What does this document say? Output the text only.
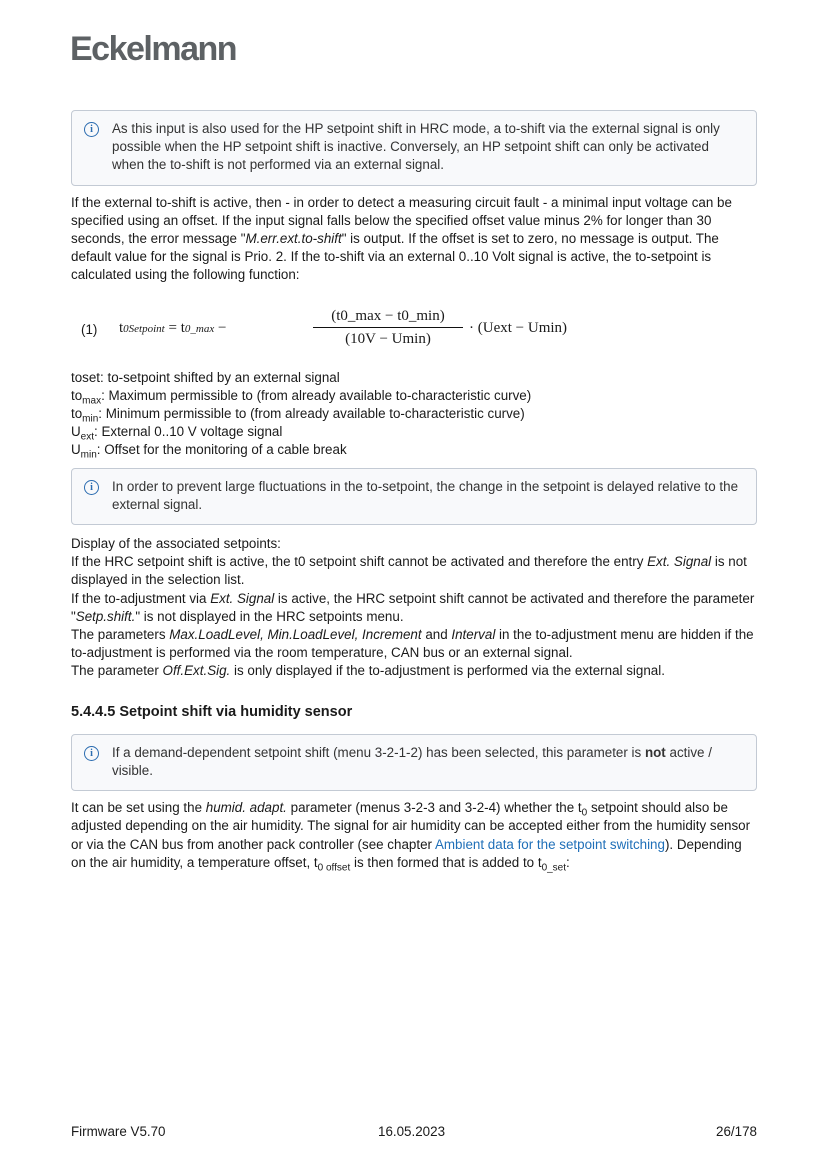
Eckelmann
i	As this input is also used for the HP setpoint shift in HRC mode, a to-shift via the external signal is only possible when the HP setpoint shift is inactive. Conversely, an HP setpoint shift can only be activated when the to-shift is not performed via an external signal.

If the external to-shift is active, then - in order to detect a measuring circuit fault - a minimal input voltage can be specified using an offset. If the input signal falls below the specified offset value minus 2% for longer than 30 seconds, the error message "M.err.ext.to-shift" is output. If the offset is set to zero, no message is output. The default value for the signal is Prio. 2. If the to-shift via an external 0..10 Volt signal is active, the to-setpoint is calculated using the following function:

(1) t0Setpoint = t0_max −
(t0_max − t0_min)
(10V − Umin)
· (Uext − Umin)
toset: to-setpoint shifted by an external signal
$to_{max}$: Maximum permissible to (from already available to-characteristic curve)
$to_{min}$: Minimum permissible to (from already available to-characteristic curve)
$U_{ext}$: External 0..10 V voltage signal
$U_{min}$: Offset for the monitoring of a cable break
i	In order to prevent large fluctuations in the to-setpoint, the change in the setpoint is delayed relative to the external signal.

Display of the associated setpoints:
If the HRC setpoint shift is active, the t0 setpoint shift cannot be activated and therefore the entry Ext. Signal is not displayed in the selection list.
If the to-adjustment via Ext. Signal is active, the HRC setpoint shift cannot be activated and therefore the parameter "Setp.shift." is not displayed in the HRC setpoints menu.
The parameters Max.LoadLevel, Min.LoadLevel, Increment and Interval in the to-adjustment menu are hidden if the to-adjustment is performed via the room temperature, CAN bus or an external signal.
The parameter Off.Ext.Sig. is only displayed if the to-adjustment is performed via the external signal.
5.4.4.5 Setpoint shift via humidity sensor
i	If a demand-dependent setpoint shift (menu 3-2-1-2) has been selected, this parameter is not active / visible.

It can be set using the humid. adapt. parameter (menus 3-2-3 and 3-2-4) whether the $t_0$ setpoint should also be adjusted depending on the air humidity. The signal for air humidity can be accepted either from the humidity sensor or via the CAN bus from another pack controller (see chapter Ambient data for the setpoint switching). Depending on the air humidity, a temperature offset, $t_{0 offset}$ is then formed that is added to $t_{0\_set}$:

Firmware V5.70	16.05.2023	26/178
